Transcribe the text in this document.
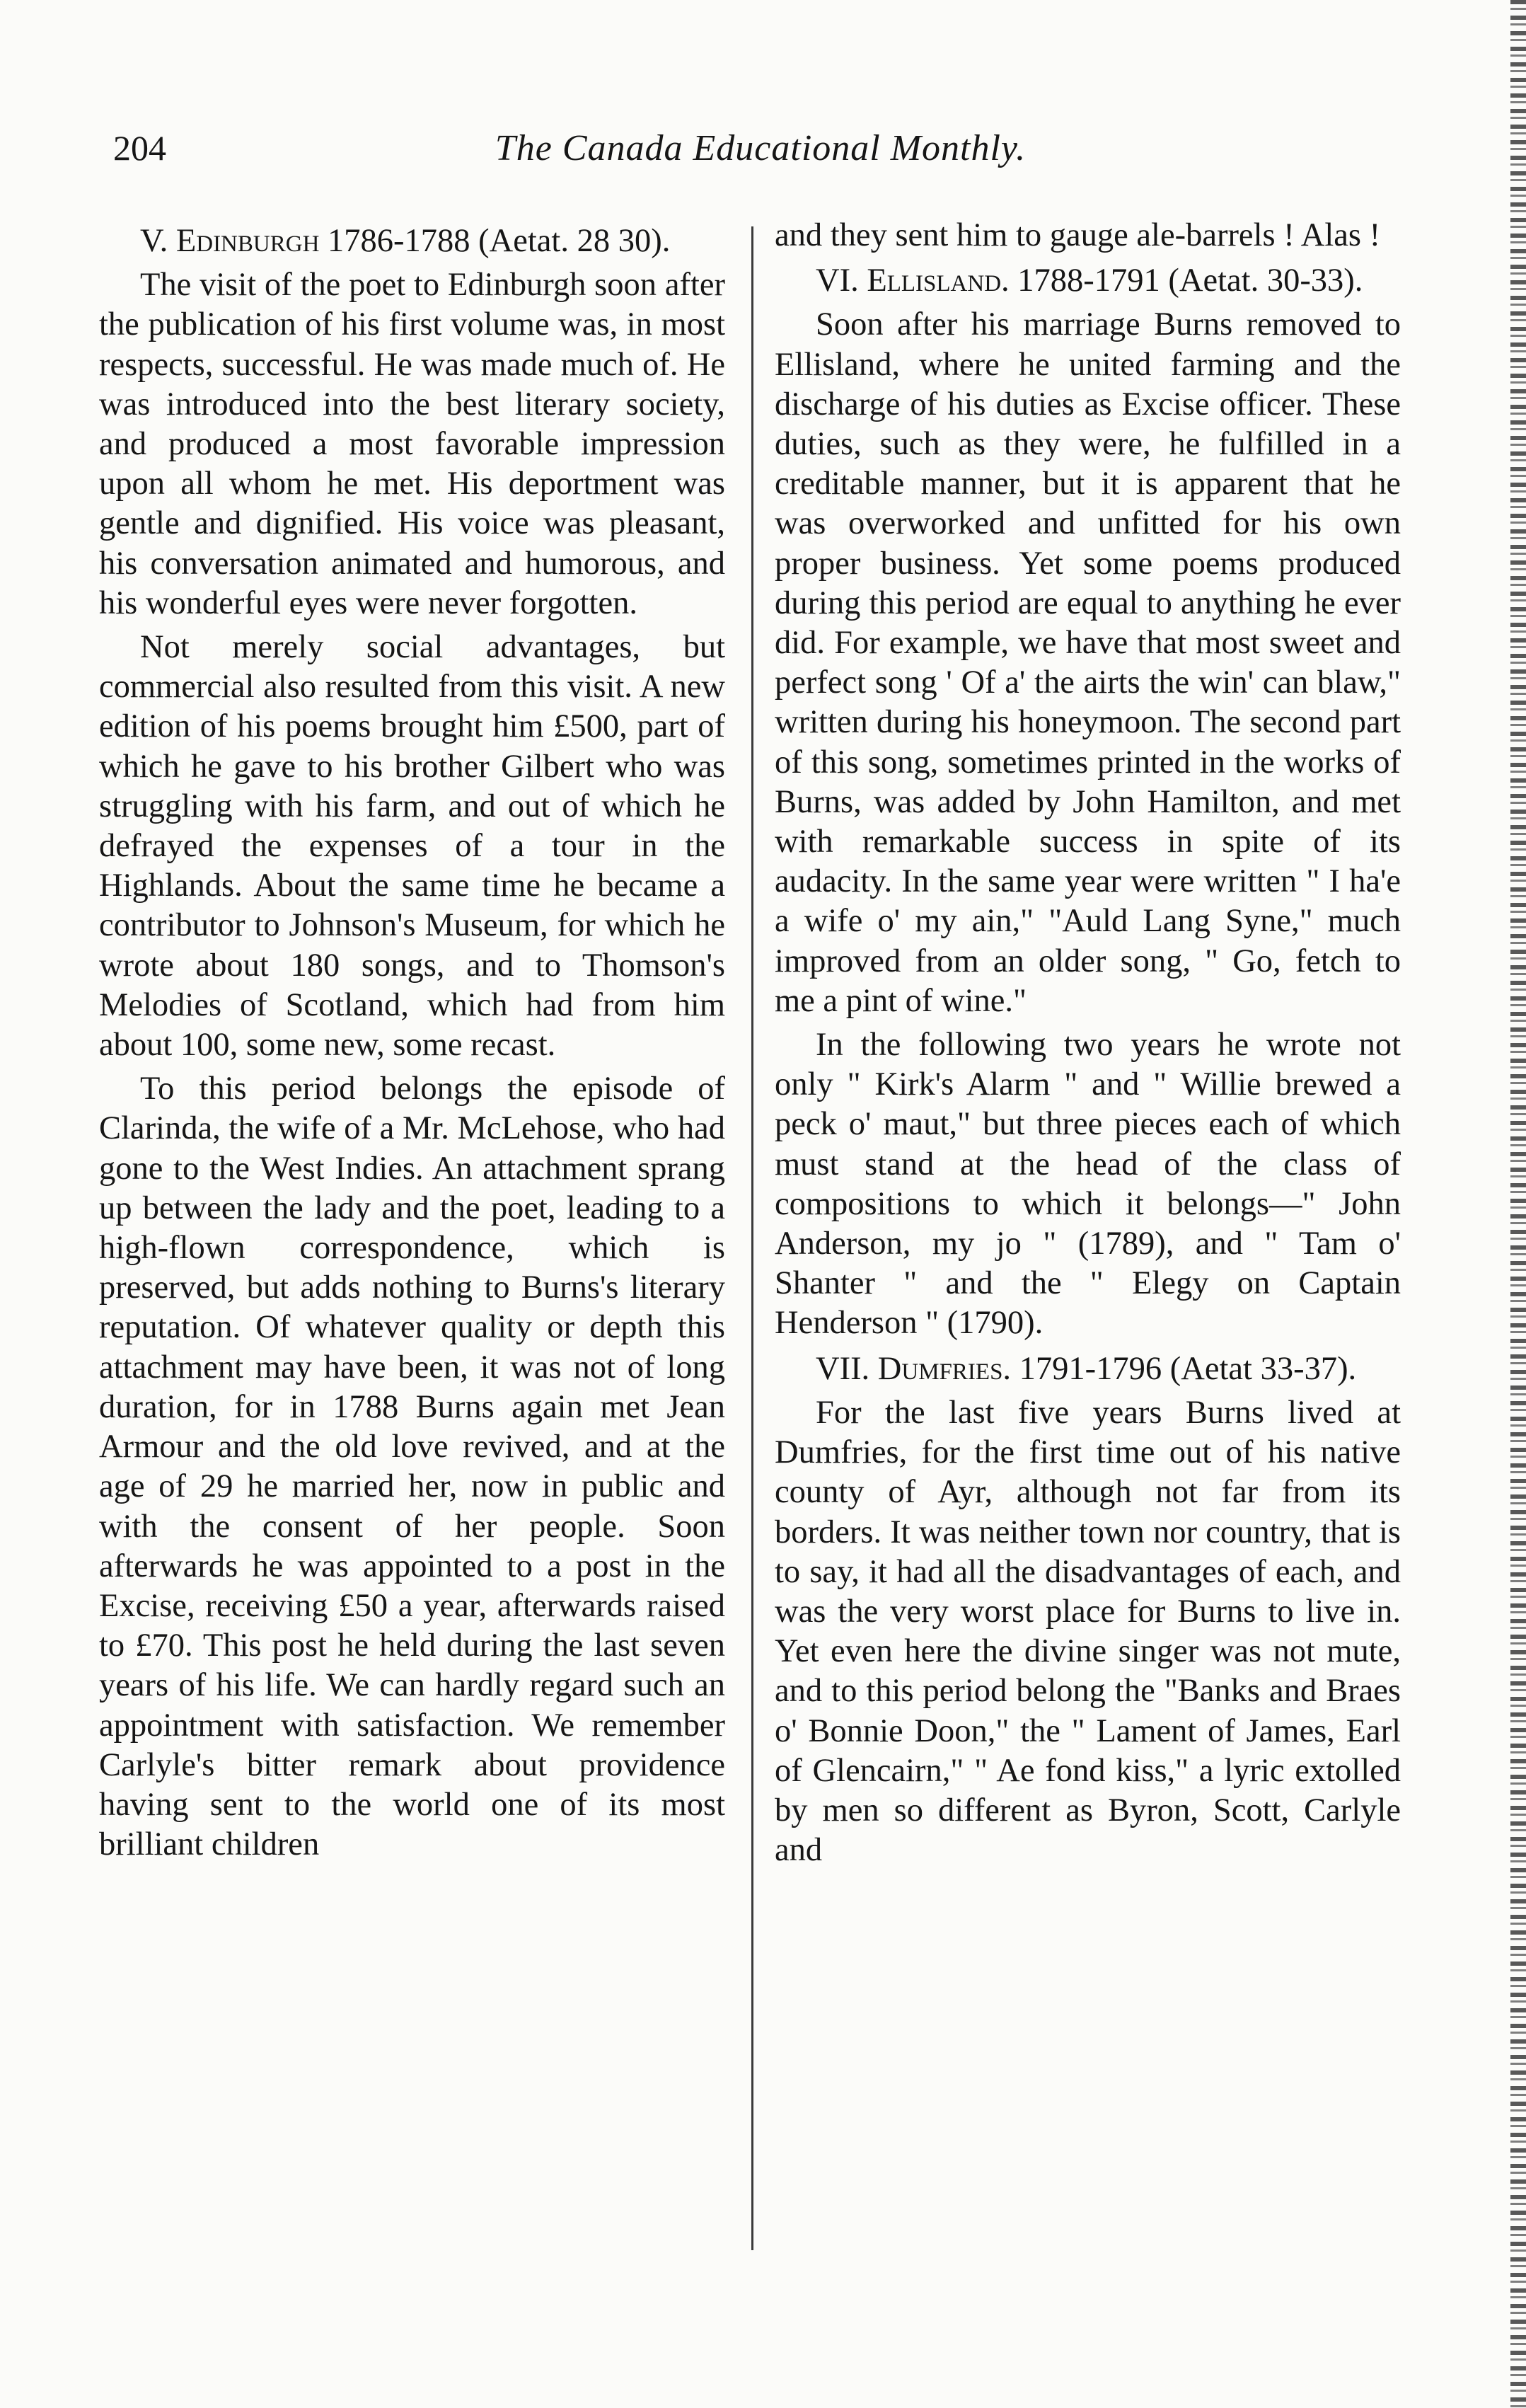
204	The Canada Educational Monthly.

V. Edinburgh 1786-1788 (Aetat. 28 30).

The visit of the poet to Edinburgh soon after the publication of his first volume was, in most respects, successful. He was made much of. He was introduced into the best literary society, and produced a most favorable impression upon all whom he met. His deportment was gentle and dignified. His voice was pleasant, his conversation animated and humorous, and his wonderful eyes were never forgotten.

Not merely social advantages, but commercial also resulted from this visit. A new edition of his poems brought him £500, part of which he gave to his brother Gilbert who was struggling with his farm, and out of which he defrayed the expenses of a tour in the Highlands. About the same time he became a contributor to Johnson's Museum, for which he wrote about 180 songs, and to Thomson's Melodies of Scotland, which had from him about 100, some new, some recast.

To this period belongs the episode of Clarinda, the wife of a Mr. McLehose, who had gone to the West Indies. An attachment sprang up between the lady and the poet, leading to a high-flown correspondence, which is preserved, but adds nothing to Burns's literary reputation. Of whatever quality or depth this attachment may have been, it was not of long duration, for in 1788 Burns again met Jean Armour and the old love revived, and at the age of 29 he married her, now in public and with the consent of her people. Soon afterwards he was appointed to a post in the Excise, receiving £50 a year, afterwards raised to £70. This post he held during the last seven years of his life. We can hardly regard such an appointment with satisfaction. We remember Carlyle's bitter remark about providence having sent to the world one of its most brilliant children

and they sent him to gauge ale-barrels ! Alas !

VI. Ellisland. 1788-1791 (Aetat. 30-33).

Soon after his marriage Burns removed to Ellisland, where he united farming and the discharge of his duties as Excise officer. These duties, such as they were, he fulfilled in a creditable manner, but it is apparent that he was overworked and unfitted for his own proper business. Yet some poems produced during this period are equal to anything he ever did. For example, we have that most sweet and perfect song ' Of a' the airts the win' can blaw," written during his honeymoon. The second part of this song, sometimes printed in the works of Burns, was added by John Hamilton, and met with remarkable success in spite of its audacity. In the same year were written " I ha'e a wife o' my ain," "Auld Lang Syne," much improved from an older song, " Go, fetch to me a pint of wine."

In the following two years he wrote not only " Kirk's Alarm " and " Willie brewed a peck o' maut," but three pieces each of which must stand at the head of the class of compositions to which it belongs—" John Anderson, my jo " (1789), and " Tam o' Shanter " and the " Elegy on Captain Henderson " (1790).

VII. Dumfries. 1791-1796 (Aetat 33-37).

For the last five years Burns lived at Dumfries, for the first time out of his native county of Ayr, although not far from its borders. It was neither town nor country, that is to say, it had all the disadvantages of each, and was the very worst place for Burns to live in. Yet even here the divine singer was not mute, and to this period belong the "Banks and Braes o' Bonnie Doon," the " Lament of James, Earl of Glencairn," " Ae fond kiss," a lyric extolled by men so different as Byron, Scott, Carlyle and
